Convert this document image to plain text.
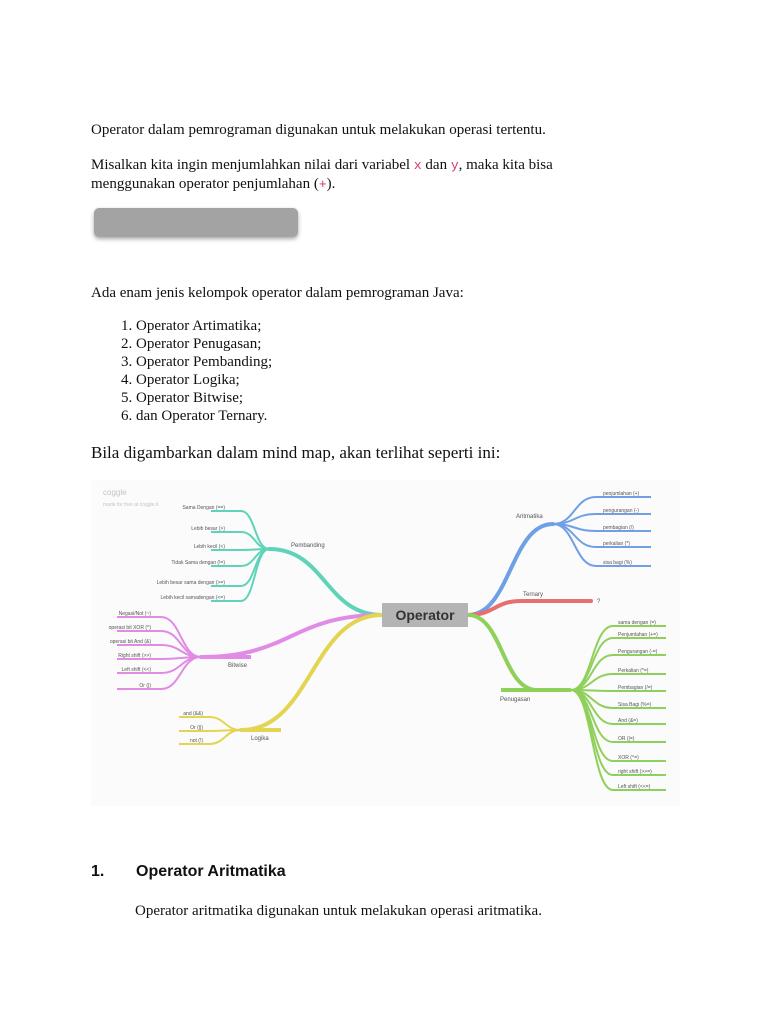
Operator dalam pemrograman digunakan untuk melakukan operasi tertentu.

Misalkan kita ingin menjumlahkan nilai dari variabel x dan y, maka kita bisa
menggunakan operator penjumlahan (+).

Ada enam jenis kelompok operator dalam pemrograman Java:

1. Operator Artimatika;
2. Operator Penugasan;
3. Operator Pembanding;
4. Operator Logika;
5. Operator Bitwise;
6. dan Operator Ternary.

Bila digambarkan dalam mind map, akan terlihat seperti ini:

coggle
made for free at coggle.it	Sama Dengan (==)
Lebih besar (>)
Lebih kecil (<)
Tidak Sama dengan (!=)
Lebih besar sama dengan (>=)
Lebih kecil samadengan (<=)
Pembanding
Negasi/Not (~)
operasi bit XOR (^)
operasi bit And (&)
Right shift (>>)
Left shift (<<)
Or (|)
Bitwise
and (&&)
Or (||)
not (!)	Logika
penjumlahan (+)
pengurangan (-)
pembagian (/)
perkalian (*)
sisa bagi (%)
Aritmatika
Ternary
?
sama dengan (=)
Penjumlahan (+=)
Pengurangan (-=)
Perkalian (*=)
Pembagian (/=)
Sisa Bagi (%=)
And (&=)
OR (|=)
XOR (^=)
right shift (>>=)
Left shift (<<=)
Penugasan
Operator
1. Operator Aritmatika

Operator aritmatika digunakan untuk melakukan operasi aritmatika.
